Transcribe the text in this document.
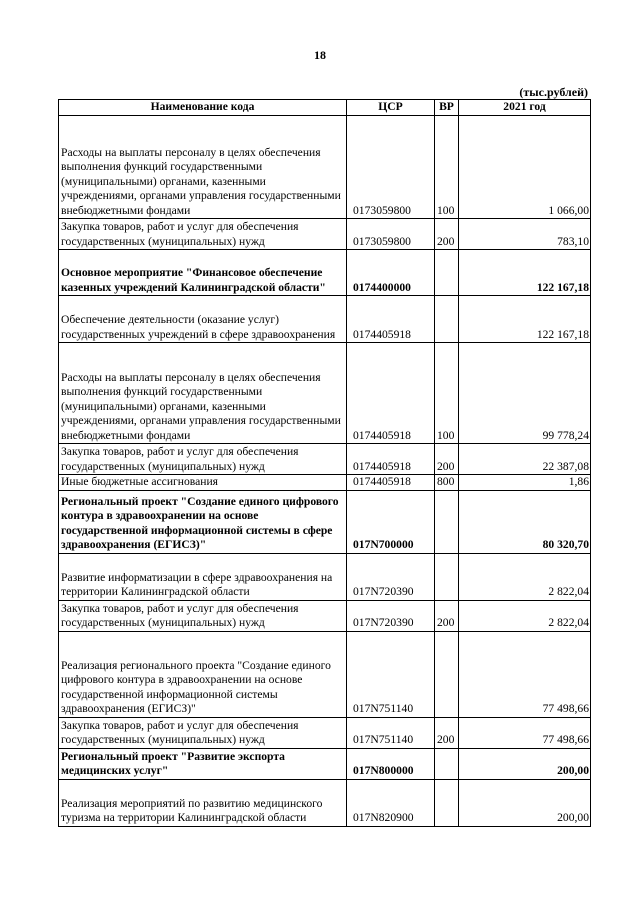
18
(тыс.рублей)
Наименование кода	ЦСР	ВР	2021 год
Расходы на выплаты персоналу в целях обеспечения выполнения функций государственными (муниципальными) органами, казенными учреждениями, органами управления государственными внебюджетными фондами	0173059800	100	1 066,00
Закупка товаров, работ и услуг для обеспечения государственных (муниципальных) нужд	0173059800	200	783,10
Основное мероприятие "Финансовое обеспечение казенных учреждений Калининградской области"	0174400000		122 167,18
Обеспечение деятельности (оказание услуг) государственных учреждений в сфере здравоохранения	0174405918		122 167,18
Расходы на выплаты персоналу в целях обеспечения выполнения функций государственными (муниципальными) органами, казенными учреждениями, органами управления государственными внебюджетными фондами	0174405918	100	99 778,24
Закупка товаров, работ и услуг для обеспечения государственных (муниципальных) нужд	0174405918	200	22 387,08
Иные бюджетные ассигнования	0174405918	800	1,86
Региональный проект "Создание единого цифрового контура в здравоохранении на основе государственной информационной системы в сфере здравоохранения (ЕГИСЗ)"	017N700000		80 320,70
Развитие информатизации в сфере здравоохранения на территории Калининградской области	017N720390		2 822,04
Закупка товаров, работ и услуг для обеспечения государственных (муниципальных) нужд	017N720390	200	2 822,04
Реализация регионального проекта "Создание единого цифрового контура в здравоохранении на основе государственной информационной системы здравоохранения (ЕГИСЗ)"	017N751140		77 498,66
Закупка товаров, работ и услуг для обеспечения государственных (муниципальных) нужд	017N751140	200	77 498,66
Региональный проект "Развитие экспорта медицинских услуг"	017N800000		200,00
Реализация мероприятий по развитию медицинского туризма на территории Калининградской области	017N820900		200,00
